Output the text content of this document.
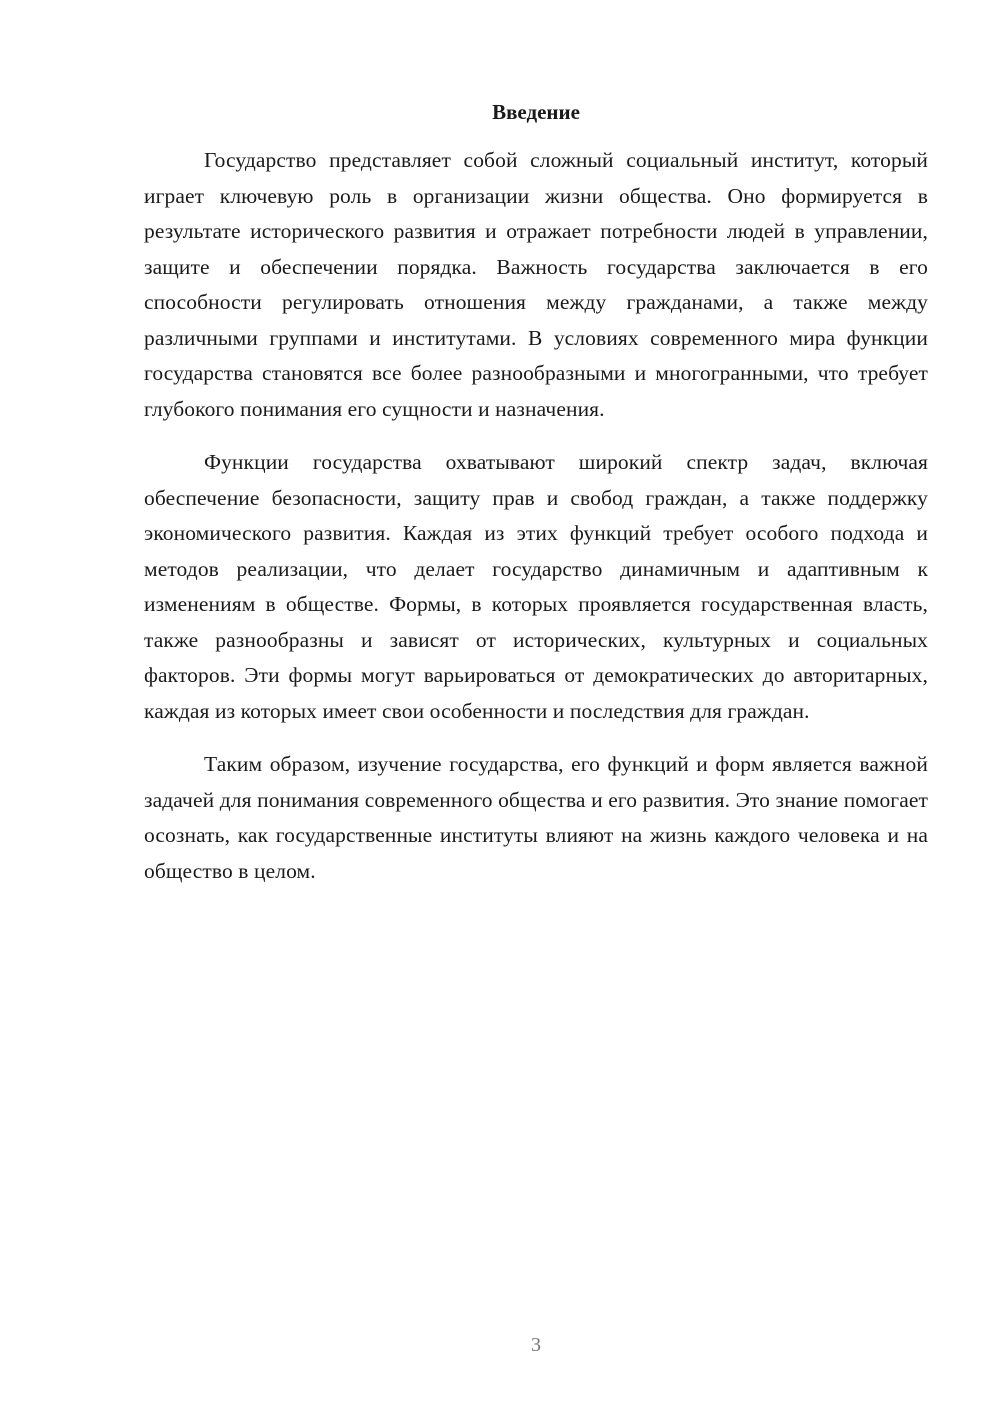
Введение

Государство представляет собой сложный социальный институт, который играет ключевую роль в организации жизни общества. Оно формируется в результате исторического развития и отражает потребности людей в управлении, защите и обеспечении порядка. Важность государства заключается в его способности регулировать отношения между гражданами, а также между различными группами и институтами. В условиях современного мира функции государства становятся все более разнообразными и многогранными, что требует глубокого понимания его сущности и назначения.

Функции государства охватывают широкий спектр задач, включая обеспечение безопасности, защиту прав и свобод граждан, а также поддержку экономического развития. Каждая из этих функций требует особого подхода и методов реализации, что делает государство динамичным и адаптивным к изменениям в обществе. Формы, в которых проявляется государственная власть, также разнообразны и зависят от исторических, культурных и социальных факторов. Эти формы могут варьироваться от демократических до авторитарных, каждая из которых имеет свои особенности и последствия для граждан.

Таким образом, изучение государства, его функций и форм является важной задачей для понимания современного общества и его развития. Это знание помогает осознать, как государственные институты влияют на жизнь каждого человека и на общество в целом.

3
